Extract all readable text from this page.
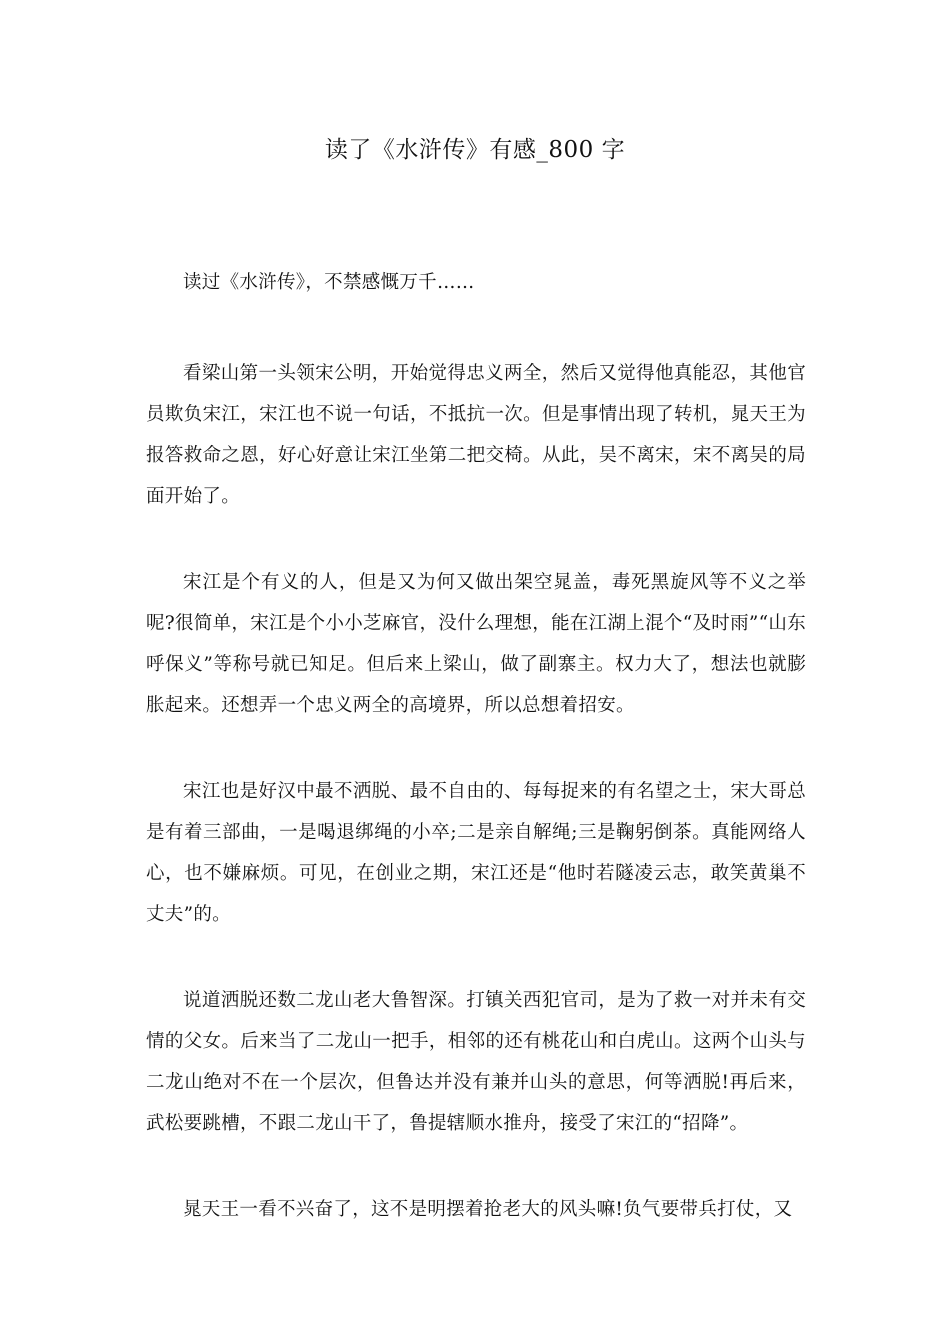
读了《水浒传》有感_800 字

读过《水浒传》，不禁感慨万千……

看梁山第一头领宋公明，开始觉得忠义两全，然后又觉得他真能忍，其他官员欺负宋江，宋江也不说一句话，不抵抗一次。但是事情出现了转机，晁天王为报答救命之恩，好心好意让宋江坐第二把交椅。从此，吴不离宋，宋不离吴的局面开始了。

宋江是个有义的人，但是又为何又做出架空晁盖，毒死黑旋风等不义之举呢?很简单，宋江是个小小芝麻官，没什么理想，能在江湖上混个“及时雨”“山东呼保义”等称号就已知足。但后来上梁山，做了副寨主。权力大了，想法也就膨胀起来。还想弄一个忠义两全的高境界，所以总想着招安。

宋江也是好汉中最不洒脱、最不自由的、每每捉来的有名望之士，宋大哥总是有着三部曲，一是喝退绑绳的小卒;二是亲自解绳;三是鞠躬倒茶。真能网络人心，也不嫌麻烦。可见，在创业之期，宋江还是“他时若隧凌云志，敢笑黄巢不丈夫”的。

说道洒脱还数二龙山老大鲁智深。打镇关西犯官司，是为了救一对并未有交情的父女。后来当了二龙山一把手，相邻的还有桃花山和白虎山。这两个山头与二龙山绝对不在一个层次，但鲁达并没有兼并山头的意思，何等洒脱!再后来，武松要跳槽，不跟二龙山干了，鲁提辖顺水推舟，接受了宋江的“招降”。

晁天王一看不兴奋了，这不是明摆着抢老大的风头嘛!负气要带兵打仗，又
